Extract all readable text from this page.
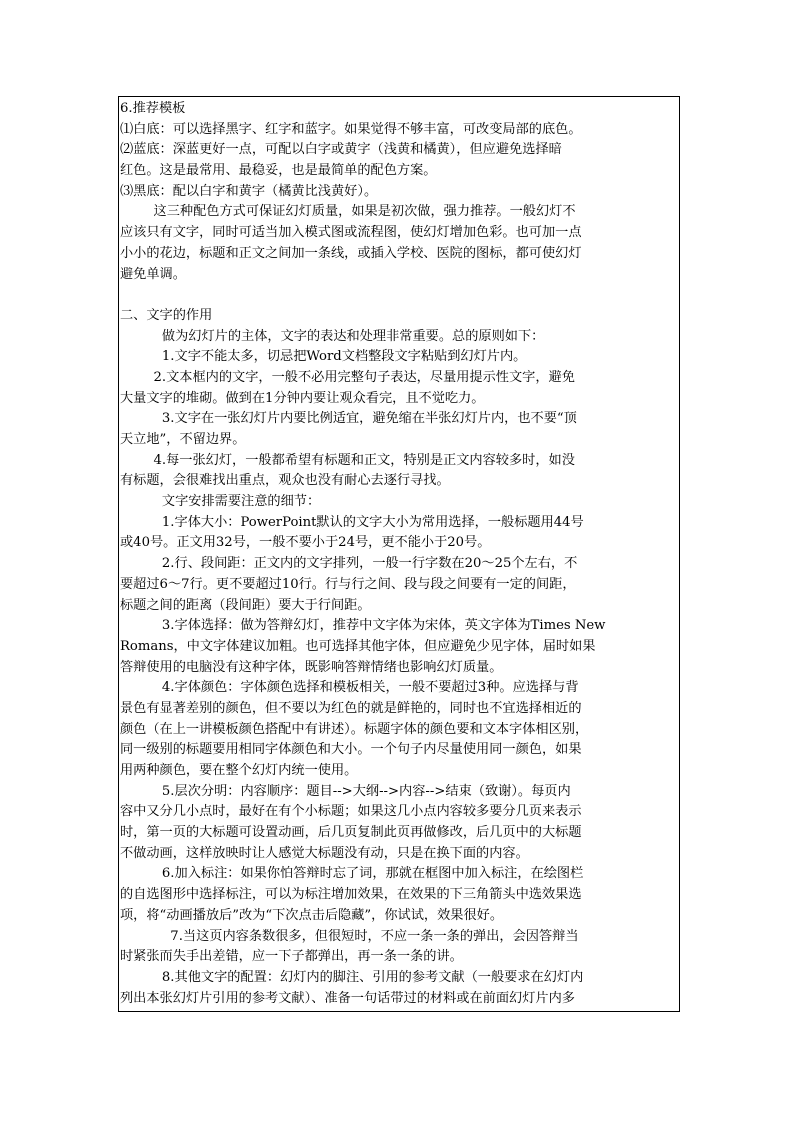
6.推荐模板
⑴白底：可以选择黑字、红字和蓝字。如果觉得不够丰富，可改变局部的底色。
⑵蓝底：深蓝更好一点，可配以白字或黄字（浅黄和橘黄），但应避免选择暗
红色。这是最常用、最稳妥，也是最简单的配色方案。
⑶黑底：配以白字和黄字（橘黄比浅黄好）。
这三种配色方式可保证幻灯质量，如果是初次做，强力推荐。一般幻灯不
应该只有文字，同时可适当加入模式图或流程图，使幻灯增加色彩。也可加一点
小小的花边，标题和正文之间加一条线，或插入学校、医院的图标，都可使幻灯
避免单调。
二、文字的作用
做为幻灯片的主体，文字的表达和处理非常重要。总的原则如下：
1.文字不能太多，切忌把Word文档整段文字粘贴到幻灯片内。
2.文本框内的文字，一般不必用完整句子表达，尽量用提示性文字，避免
大量文字的堆砌。做到在1分钟内要让观众看完，且不觉吃力。
3.文字在一张幻灯片内要比例适宜，避免缩在半张幻灯片内，也不要“顶
天立地”，不留边界。
4.每一张幻灯，一般都希望有标题和正文，特别是正文内容较多时，如没
有标题，会很难找出重点，观众也没有耐心去逐行寻找。
文字安排需要注意的细节：
1.字体大小：PowerPoint默认的文字大小为常用选择，一般标题用44号
或40号。正文用32号，一般不要小于24号，更不能小于20号。
2.行、段间距：正文内的文字排列，一般一行字数在20～25个左右，不
要超过6～7行。更不要超过10行。行与行之间、段与段之间要有一定的间距，
标题之间的距离（段间距）要大于行间距。
3.字体选择：做为答辩幻灯，推荐中文字体为宋体，英文字体为Times New
Romans，中文字体建议加粗。也可选择其他字体，但应避免少见字体，届时如果
答辩使用的电脑没有这种字体，既影响答辩情绪也影响幻灯质量。
4.字体颜色：字体颜色选择和模板相关，一般不要超过3种。应选择与背
景色有显著差别的颜色，但不要以为红色的就是鲜艳的，同时也不宜选择相近的
颜色（在上一讲模板颜色搭配中有讲述）。标题字体的颜色要和文本字体相区别，
同一级别的标题要用相同字体颜色和大小。一个句子内尽量使用同一颜色，如果
用两种颜色，要在整个幻灯内统一使用。
5.层次分明：内容顺序：题目-->大纲-->内容-->结束（致谢）。每页内
容中又分几小点时，最好在有个小标题；如果这几小点内容较多要分几页来表示
时，第一页的大标题可设置动画，后几页复制此页再做修改，后几页中的大标题
不做动画，这样放映时让人感觉大标题没有动，只是在换下面的内容。
6.加入标注：如果你怕答辩时忘了词，那就在框图中加入标注，在绘图栏
的自选图形中选择标注，可以为标注增加效果，在效果的下三角箭头中选效果选
项，将“动画播放后”改为“下次点击后隐藏”，你试试，效果很好。
7.当这页内容条数很多，但很短时，不应一条一条的弹出，会因答辩当
时紧张而失手出差错，应一下子都弹出，再一条一条的讲。
8.其他文字的配置：幻灯内的脚注、引用的参考文献（一般要求在幻灯内
列出本张幻灯片引用的参考文献）、准备一句话带过的材料或在前面幻灯片内多
